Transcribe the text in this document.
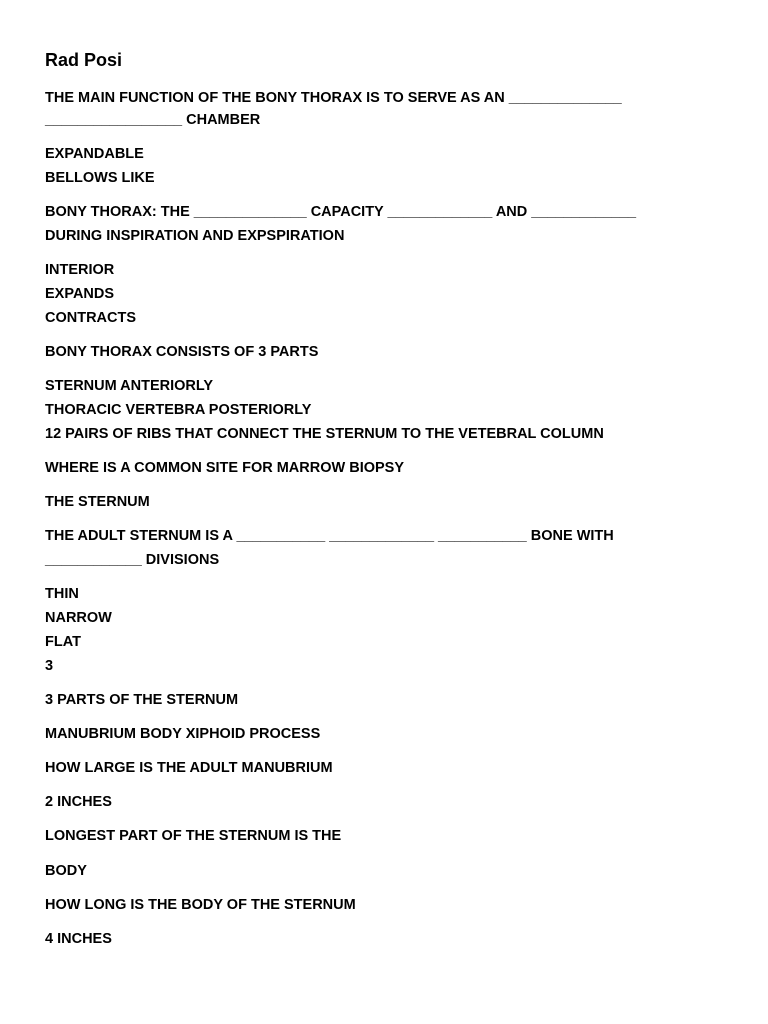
Rad Posi
THE MAIN FUNCTION OF THE BONY THORAX IS TO SERVE AS AN ______________
_________________ CHAMBER
EXPANDABLE
BELLOWS LIKE
BONY THORAX: THE ______________ CAPACITY _____________ AND _____________
DURING INSPIRATION AND EXPSPIRATION
INTERIOR
EXPANDS
CONTRACTS
BONY THORAX CONSISTS OF 3 PARTS
STERNUM ANTERIORLY
THORACIC VERTEBRA POSTERIORLY
12 PAIRS OF RIBS THAT CONNECT THE STERNUM TO THE VETEBRAL COLUMN
WHERE IS A COMMON SITE FOR MARROW BIOPSY
THE STERNUM
THE ADULT STERNUM IS A ___________ _____________ ___________ BONE WITH
____________ DIVISIONS
THIN
NARROW
FLAT
3
3 PARTS OF THE STERNUM
MANUBRIUM BODY XIPHOID PROCESS
HOW LARGE IS THE ADULT MANUBRIUM
2 INCHES
LONGEST PART OF THE STERNUM IS THE
BODY
HOW LONG IS THE BODY OF THE STERNUM
4 INCHES
